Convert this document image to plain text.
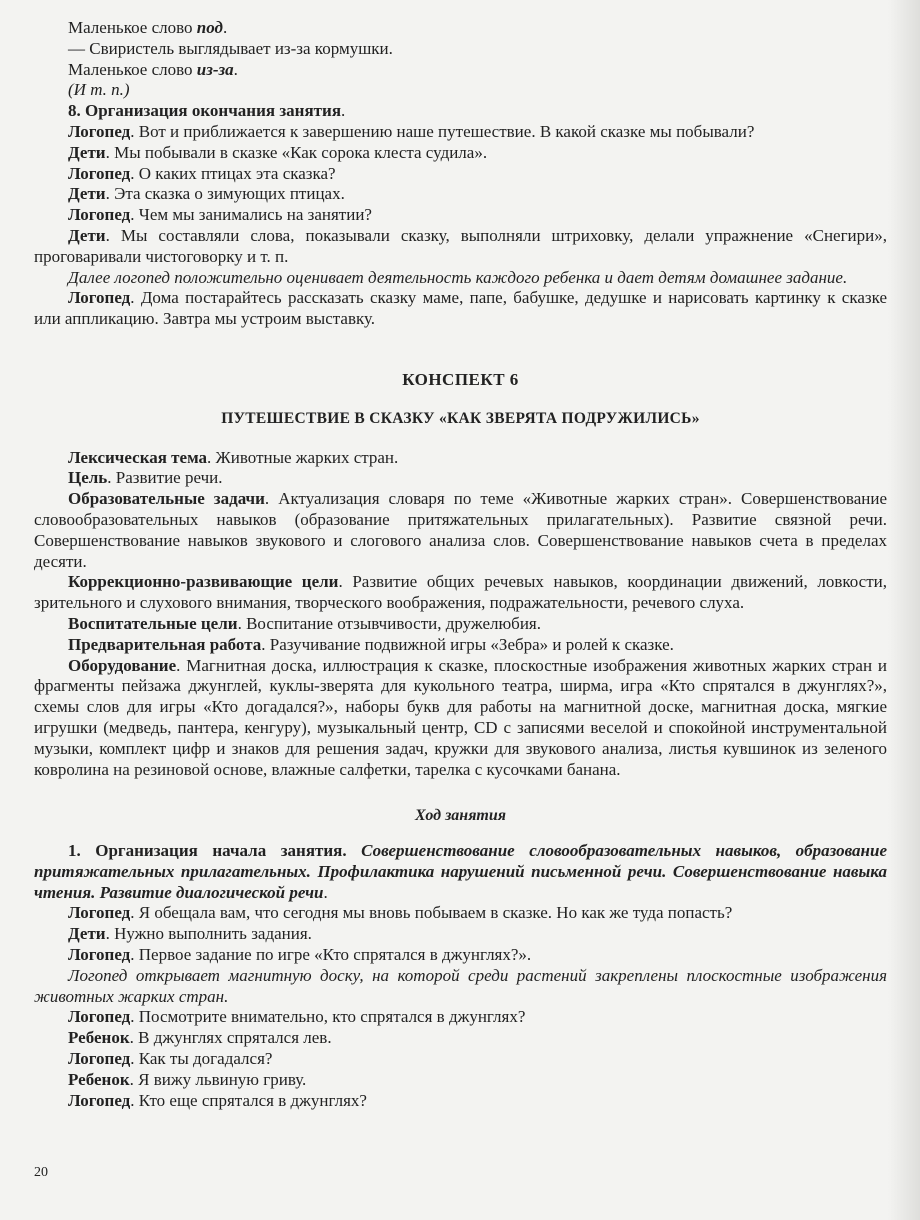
Маленькое слово под.

— Свиристель выглядывает из-за кормушки.

Маленькое слово из-за.

(И т. п.)

8. Организация окончания занятия.

Логопед. Вот и приближается к завершению наше путешествие. В какой сказке мы побывали?

Дети. Мы побывали в сказке «Как сорока клеста судила».

Логопед. О каких птицах эта сказка?

Дети. Эта сказка о зимующих птицах.

Логопед. Чем мы занимались на занятии?

Дети. Мы составляли слова, показывали сказку, выполняли штриховку, делали упражнение «Снегири», проговаривали чистоговорку и т. п.

Далее логопед положительно оценивает деятельность каждого ребенка и дает детям домашнее задание.

Логопед. Дома постарайтесь рассказать сказку маме, папе, бабушке, дедушке и нарисовать картинку к сказке или аппликацию. Завтра мы устроим выставку.

КОНСПЕКТ 6

ПУТЕШЕСТВИЕ В СКАЗКУ «КАК ЗВЕРЯТА ПОДРУЖИЛИСЬ»

Лексическая тема. Животные жарких стран.

Цель. Развитие речи.

Образовательные задачи. Актуализация словаря по теме «Животные жарких стран». Совершенствование словообразовательных навыков (образование притяжательных прилагательных). Развитие связной речи. Совершенствование навыков звукового и слогового анализа слов. Совершенствование навыков счета в пределах десяти.

Коррекционно-развивающие цели. Развитие общих речевых навыков, координации движений, ловкости, зрительного и слухового внимания, творческого воображения, подражательности, речевого слуха.

Воспитательные цели. Воспитание отзывчивости, дружелюбия.

Предварительная работа. Разучивание подвижной игры «Зебра» и ролей к сказке.

Оборудование. Магнитная доска, иллюстрация к сказке, плоскостные изображения животных жарких стран и фрагменты пейзажа джунглей, куклы-зверята для кукольного театра, ширма, игра «Кто спрятался в джунглях?», схемы слов для игры «Кто догадался?», наборы букв для работы на магнитной доске, магнитная доска, мягкие игрушки (медведь, пантера, кенгуру), музыкальный центр, CD с записями веселой и спокойной инструментальной музыки, комплект цифр и знаков для решения задач, кружки для звукового анализа, листья кувшинок из зеленого ковролина на резиновой основе, влажные салфетки, тарелка с кусочками банана.

Ход занятия

1. Организация начала занятия. Совершенствование словообразовательных навыков, образование притяжательных прилагательных. Профилактика нарушений письменной речи. Совершенствование навыка чтения. Развитие диалогической речи.

Логопед. Я обещала вам, что сегодня мы вновь побываем в сказке. Но как же туда попасть?

Дети. Нужно выполнить задания.

Логопед. Первое задание по игре «Кто спрятался в джунглях?».

Логопед открывает магнитную доску, на которой среди растений закреплены плоскостные изображения животных жарких стран.

Логопед. Посмотрите внимательно, кто спрятался в джунглях?

Ребенок. В джунглях спрятался лев.

Логопед. Как ты догадался?

Ребенок. Я вижу львиную гриву.

Логопед. Кто еще спрятался в джунглях?

20
